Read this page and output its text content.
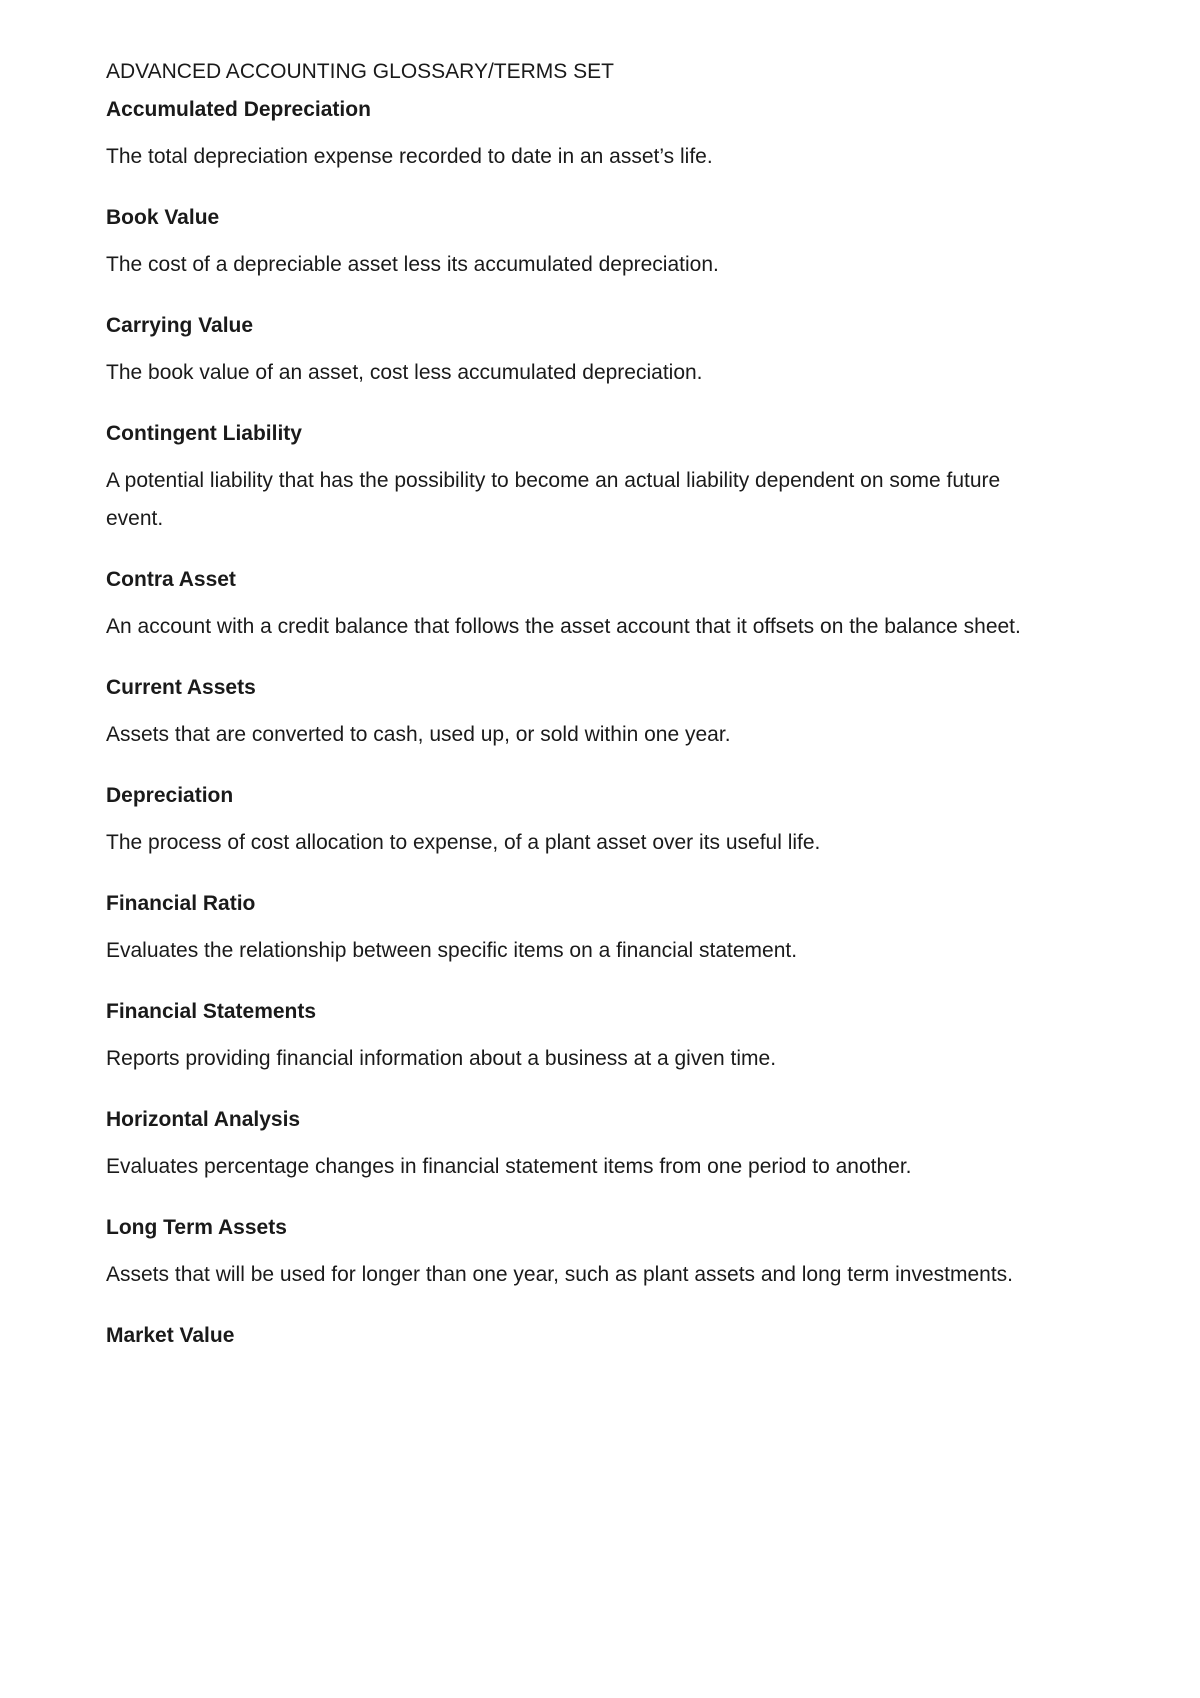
ADVANCED ACCOUNTING GLOSSARY/TERMS SET
Accumulated Depreciation
The total depreciation expense recorded to date in an asset’s life.
Book Value
The cost of a depreciable asset less its accumulated depreciation.
Carrying Value
The book value of an asset, cost less accumulated depreciation.
Contingent Liability
A potential liability that has the possibility to become an actual liability dependent on some future event.
Contra Asset
An account with a credit balance that follows the asset account that it offsets on the balance sheet.
Current Assets
Assets that are converted to cash, used up, or sold within one year.
Depreciation
The process of cost allocation to expense, of a plant asset over its useful life.
Financial Ratio
Evaluates the relationship between specific items on a financial statement.
Financial Statements
Reports providing financial information about a business at a given time.
Horizontal Analysis
Evaluates percentage changes in financial statement items from one period to another.
Long Term Assets
Assets that will be used for longer than one year, such as plant assets and long term investments.
Market Value
